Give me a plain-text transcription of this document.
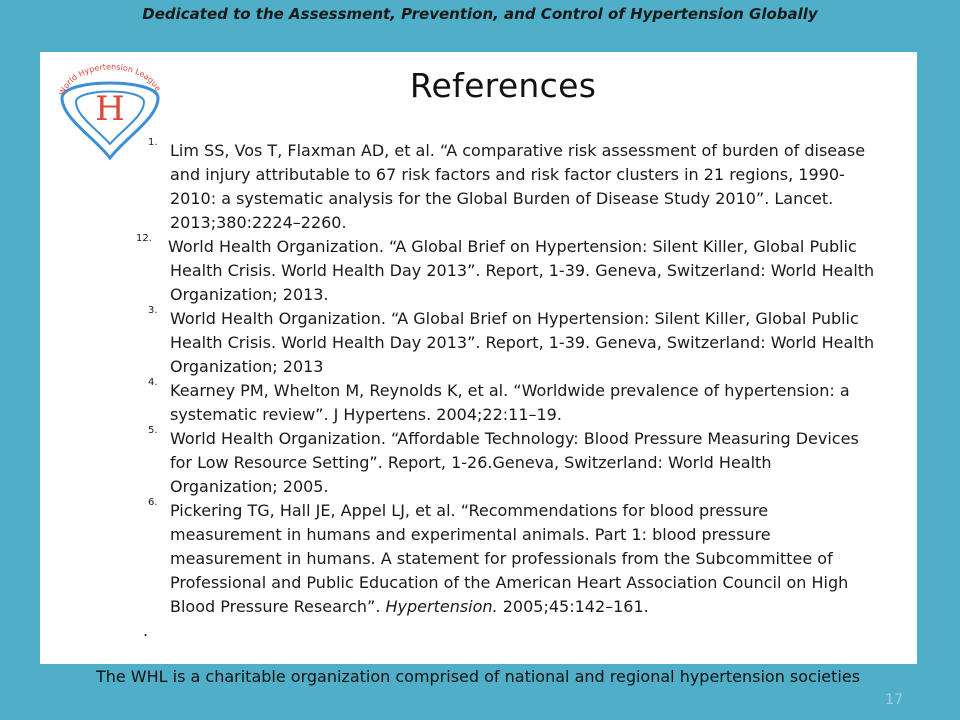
Dedicated to the Assessment, Prevention, and Control of Hypertension Globally
World Hypertension League
H
References
1. Lim SS, Vos T, Flaxman AD, et al. “A comparative risk assessment of burden of disease
and injury attributable to 67 risk factors and risk factor clusters in 21 regions, 1990-
2010: a systematic analysis for the Global Burden of Disease Study 2010”. Lancet.
2013;380:2224–2260.
12. World Health Organization. “A Global Brief on Hypertension: Silent Killer, Global Public
Health Crisis. World Health Day 2013”. Report, 1-39. Geneva, Switzerland: World Health
Organization; 2013.
3. World Health Organization. “A Global Brief on Hypertension: Silent Killer, Global Public
Health Crisis. World Health Day 2013”. Report, 1-39. Geneva, Switzerland: World Health
Organization; 2013
4. Kearney PM, Whelton M, Reynolds K, et al. “Worldwide prevalence of hypertension: a
systematic review”. J Hypertens. 2004;22:11–19.
5. World Health Organization. “Affordable Technology: Blood Pressure Measuring Devices
for Low Resource Setting”. Report, 1-26.Geneva, Switzerland: World Health
Organization; 2005.
6. Pickering TG, Hall JE, Appel LJ, et al. “Recommendations for blood pressure
measurement in humans and experimental animals. Part 1: blood pressure
measurement in humans. A statement for professionals from the Subcommittee of
Professional and Public Education of the American Heart Association Council on High
Blood Pressure Research”. Hypertension. 2005;45:142–161.
.
The WHL is a charitable organization comprised of national and regional hypertension societies
17
